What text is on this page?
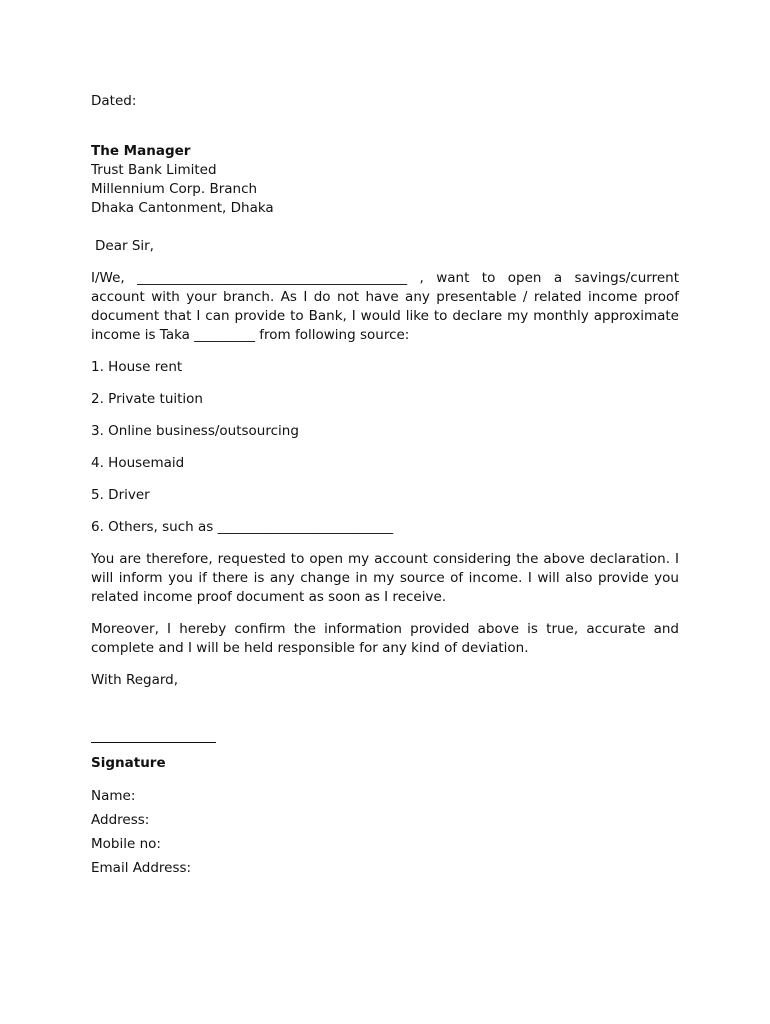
Dated:
The Manager
Trust Bank Limited
Millennium Corp. Branch
Dhaka Cantonment, Dhaka
Dear Sir,
I/We, ________________________________________ , want to open a savings/current account with your branch. As I do not have any presentable / related income proof document that I can provide to Bank, I would like to declare my monthly approximate income is Taka _________ from following source:
1. House rent
2. Private tuition
3. Online business/outsourcing
4. Housemaid
5. Driver
6. Others, such as __________________________
You are therefore, requested to open my account considering the above declaration. I will inform you if there is any change in my source of income. I will also provide you related income proof document as soon as I receive.
Moreover, I hereby confirm the information provided above is true, accurate and complete and I will be held responsible for any kind of deviation.
With Regard,
Signature
Name:
Address:
Mobile no:
Email Address:
